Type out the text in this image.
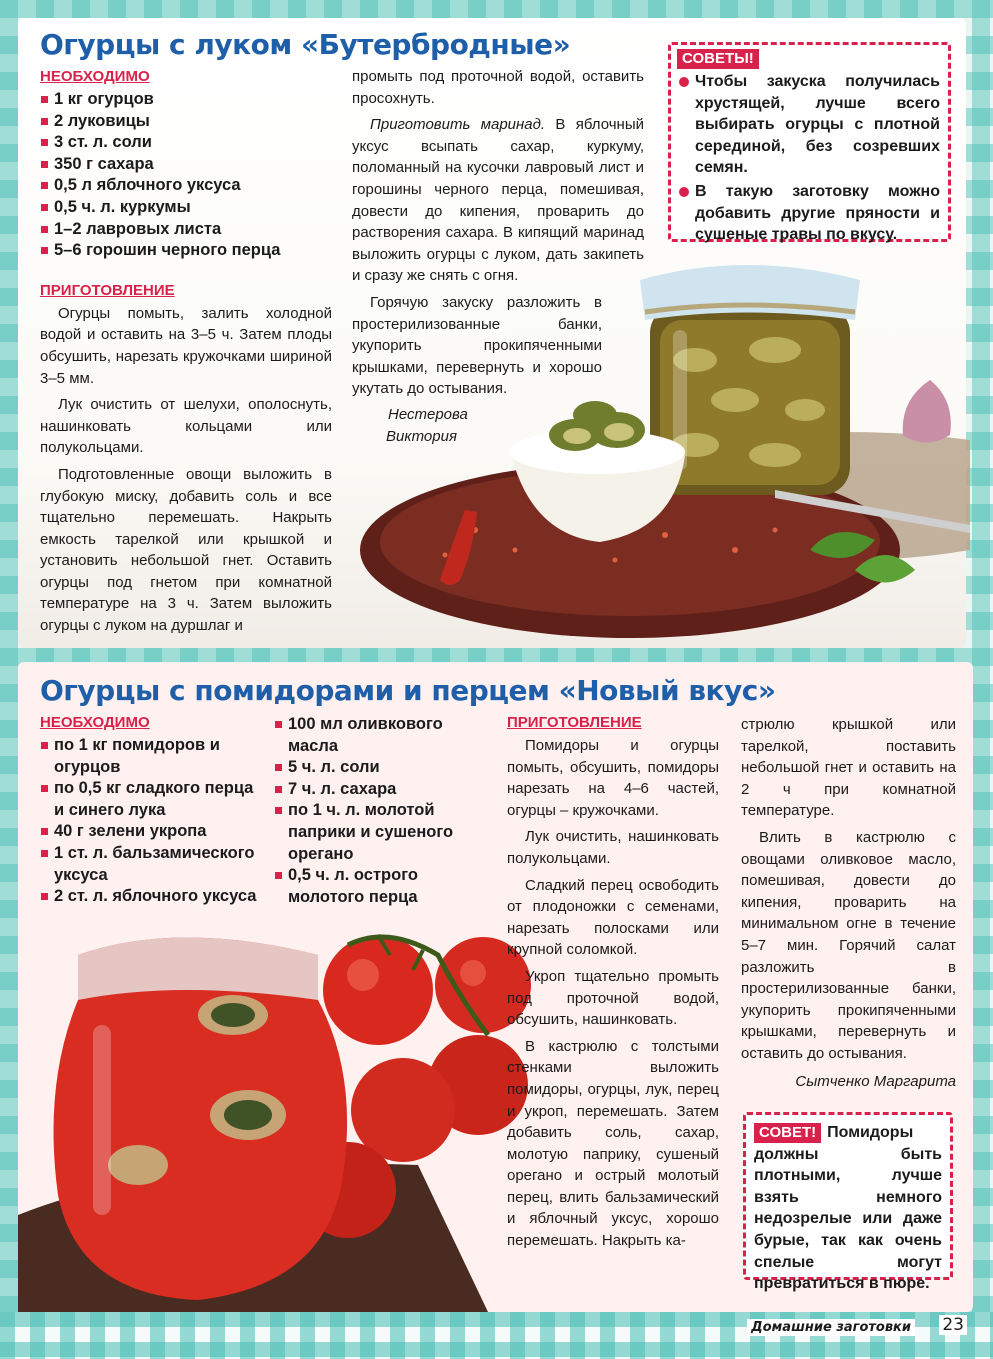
Огурцы с луком «Бутербродные»
НЕОБХОДИМО
1 кг огурцов
2 луковицы
3 ст. л. соли
350 г сахара
0,5 л яблочного уксуса
0,5 ч. л. куркумы
1–2 лавровых листа
5–6 горошин черного перца
ПРИГОТОВЛЕНИЕ

Огурцы помыть, залить холодной водой и оставить на 3–5 ч. Затем плоды обсушить, нарезать кружочками шириной 3–5 мм.

Лук очистить от шелухи, ополоснуть, нашинковать кольцами или полукольцами.

Подготовленные овощи выложить в глубокую миску, добавить соль и все тщательно перемешать. Накрыть емкость тарелкой или крышкой и установить небольшой гнет. Оставить огурцы под гнетом при комнатной температуре на 3 ч. Затем выложить огурцы с луком на дуршлаг и

промыть под проточной водой, оставить просохнуть.

Приготовить маринад. В яблочный уксус всыпать сахар, куркуму, поломанный на кусочки лавровый лист и горошины черного перца, помешивая, довести до кипения, проварить до растворения сахара. В кипящий маринад выложить огурцы с луком, дать закипеть и сразу же снять с огня.

Горячую закуску разложить в простерилизованные банки, укупорить прокипяченными крышками, перевернуть и хорошо укутать до остывания.

Нестерова
Виктория
СОВЕТЫ!
Чтобы закуска получилась хрустящей, лучше всего выбирать огурцы с плотной серединой, без созревших семян.
В такую заготовку можно добавить другие пряности и сушеные травы по вкусу.
Огурцы с помидорами и перцем «Новый вкус»
НЕОБХОДИМО
по 1 кг помидоров и огурцов
по 0,5 кг сладкого перца и синего лука
40 г зелени укропа
1 ст. л. бальзамического уксуса
2 ст. л. яблочного уксуса
100 мл оливкового масла
5 ч. л. соли
7 ч. л. сахара
по 1 ч. л. молотой паприки и сушеного орегано
0,5 ч. л. острого молотого перца
ПРИГОТОВЛЕНИЕ

Помидоры и огурцы помыть, обсушить, помидоры нарезать на 4–6 частей, огурцы – кружочками.

Лук очистить, нашинковать полукольцами.

Сладкий перец освободить от плодоножки с семенами, нарезать полосками или крупной соломкой.

Укроп тщательно промыть под проточной водой, обсушить, нашинковать.

В кастрюлю с толстыми стенками выложить помидоры, огурцы, лук, перец и укроп, перемешать. Затем добавить соль, сахар, молотую паприку, сушеный орегано и острый молотый перец, влить бальзамический и яблочный уксус, хорошо перемешать. Накрыть ка-

стрюлю крышкой или тарелкой, поставить небольшой гнет и оставить на 2 ч при комнатной температуре.

Влить в кастрюлю с овощами оливковое масло, помешивая, довести до кипения, проварить на минимальном огне в течение 5–7 мин. Горячий салат разложить в простерилизованные банки, укупорить прокипяченными крышками, перевернуть и оставить до остывания.

Сытченко Маргарита
СОВЕТ! Помидоры должны быть плотными, лучше взять немного недозрелые или даже бурые, так как очень спелые могут превратиться в пюре.
Домашние заготовки 23
